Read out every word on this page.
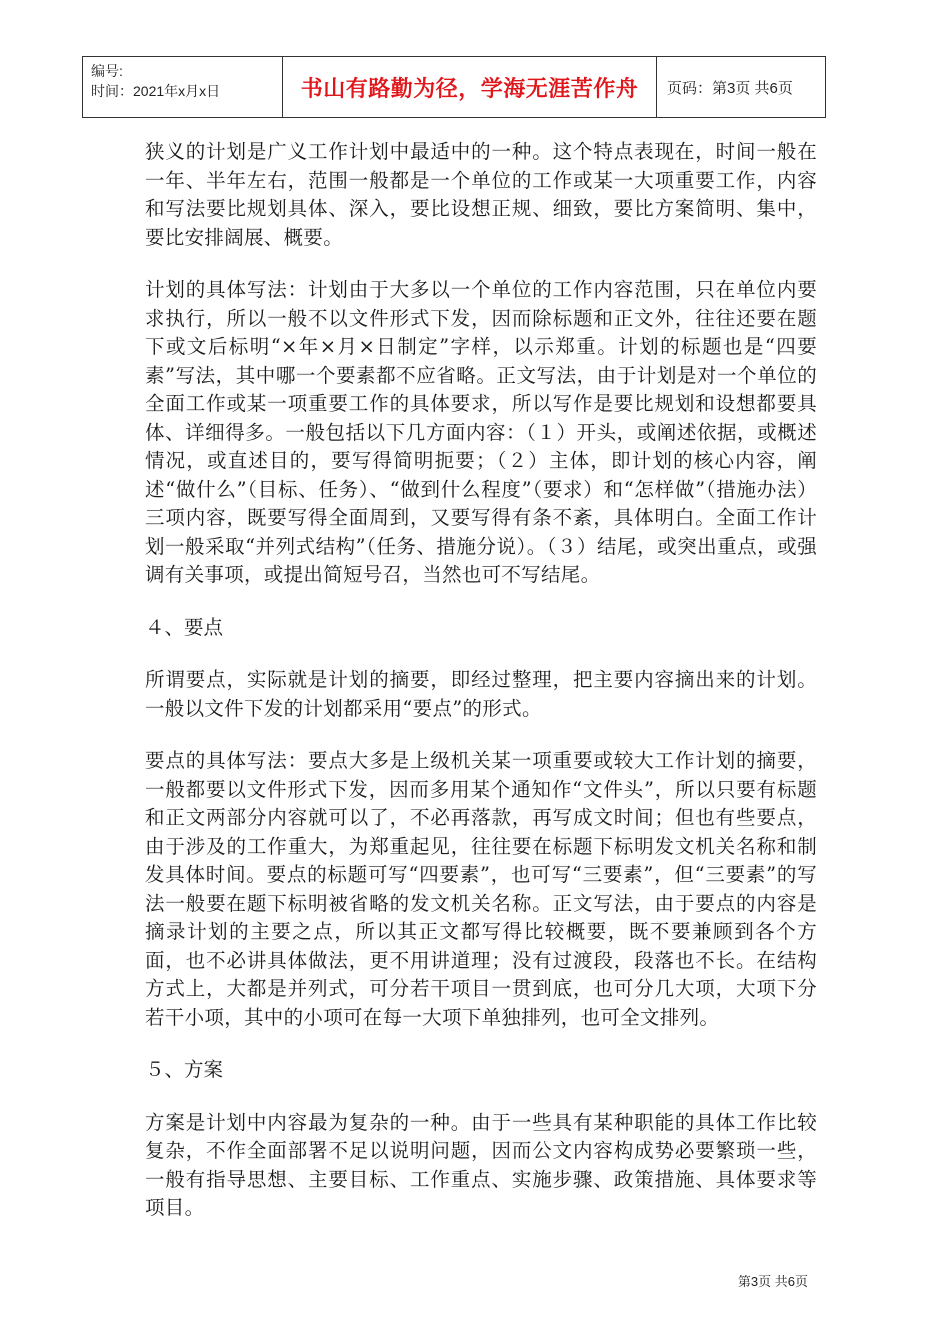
编号:
时间：2021年x月x日	书山有路勤为径，学海无涯苦作舟 页码：第3页 共6页

狭义的计划是广义工作计划中最适中的一种。这个特点表现在，时间一般在一年、半年左右，范围一般都是一个单位的工作或某一大项重要工作，内容和写法要比规划具体、深入，要比设想正规、细致，要比方案简明、集中，要比安排阔展、概要。

计划的具体写法：计划由于大多以一个单位的工作内容范围，只在单位内要求执行，所以一般不以文件形式下发，因而除标题和正文外，往往还要在题下或文后标明“×年×月×日制定”字样，以示郑重。计划的标题也是“四要素”写法，其中哪一个要素都不应省略。正文写法，由于计划是对一个单位的全面工作或某一项重要工作的具体要求，所以写作是要比规划和设想都要具体、详细得多。一般包括以下几方面内容：（１）开头，或阐述依据，或概述情况，或直述目的，要写得简明扼要；（２）主体，即计划的核心内容，阐述“做什么”（目标、任务）、“做到什么程度”（要求）和“怎样做”（措施办法）三项内容，既要写得全面周到，又要写得有条不紊，具体明白。全面工作计划一般采取“并列式结构”（任务、措施分说）。（３）结尾，或突出重点，或强调有关事项，或提出简短号召，当然也可不写结尾。

４、要点

所谓要点，实际就是计划的摘要，即经过整理，把主要内容摘出来的计划。一般以文件下发的计划都采用“要点”的形式。

要点的具体写法：要点大多是上级机关某一项重要或较大工作计划的摘要，一般都要以文件形式下发，因而多用某个通知作“文件头”，所以只要有标题和正文两部分内容就可以了，不必再落款，再写成文时间；但也有些要点，由于涉及的工作重大，为郑重起见，往往要在标题下标明发文机关名称和制发具体时间。要点的标题可写“四要素”，也可写“三要素”，但“三要素”的写法一般要在题下标明被省略的发文机关名称。正文写法，由于要点的内容是摘录计划的主要之点，所以其正文都写得比较概要，既不要兼顾到各个方面，也不必讲具体做法，更不用讲道理；没有过渡段，段落也不长。在结构方式上，大都是并列式，可分若干项目一贯到底，也可分几大项，大项下分若干小项，其中的小项可在每一大项下单独排列，也可全文排列。

５、方案

方案是计划中内容最为复杂的一种。由于一些具有某种职能的具体工作比较复杂，不作全面部署不足以说明问题，因而公文内容构成势必要繁琐一些，一般有指导思想、主要目标、工作重点、实施步骤、政策措施、具体要求等项目。

第3页 共6页
